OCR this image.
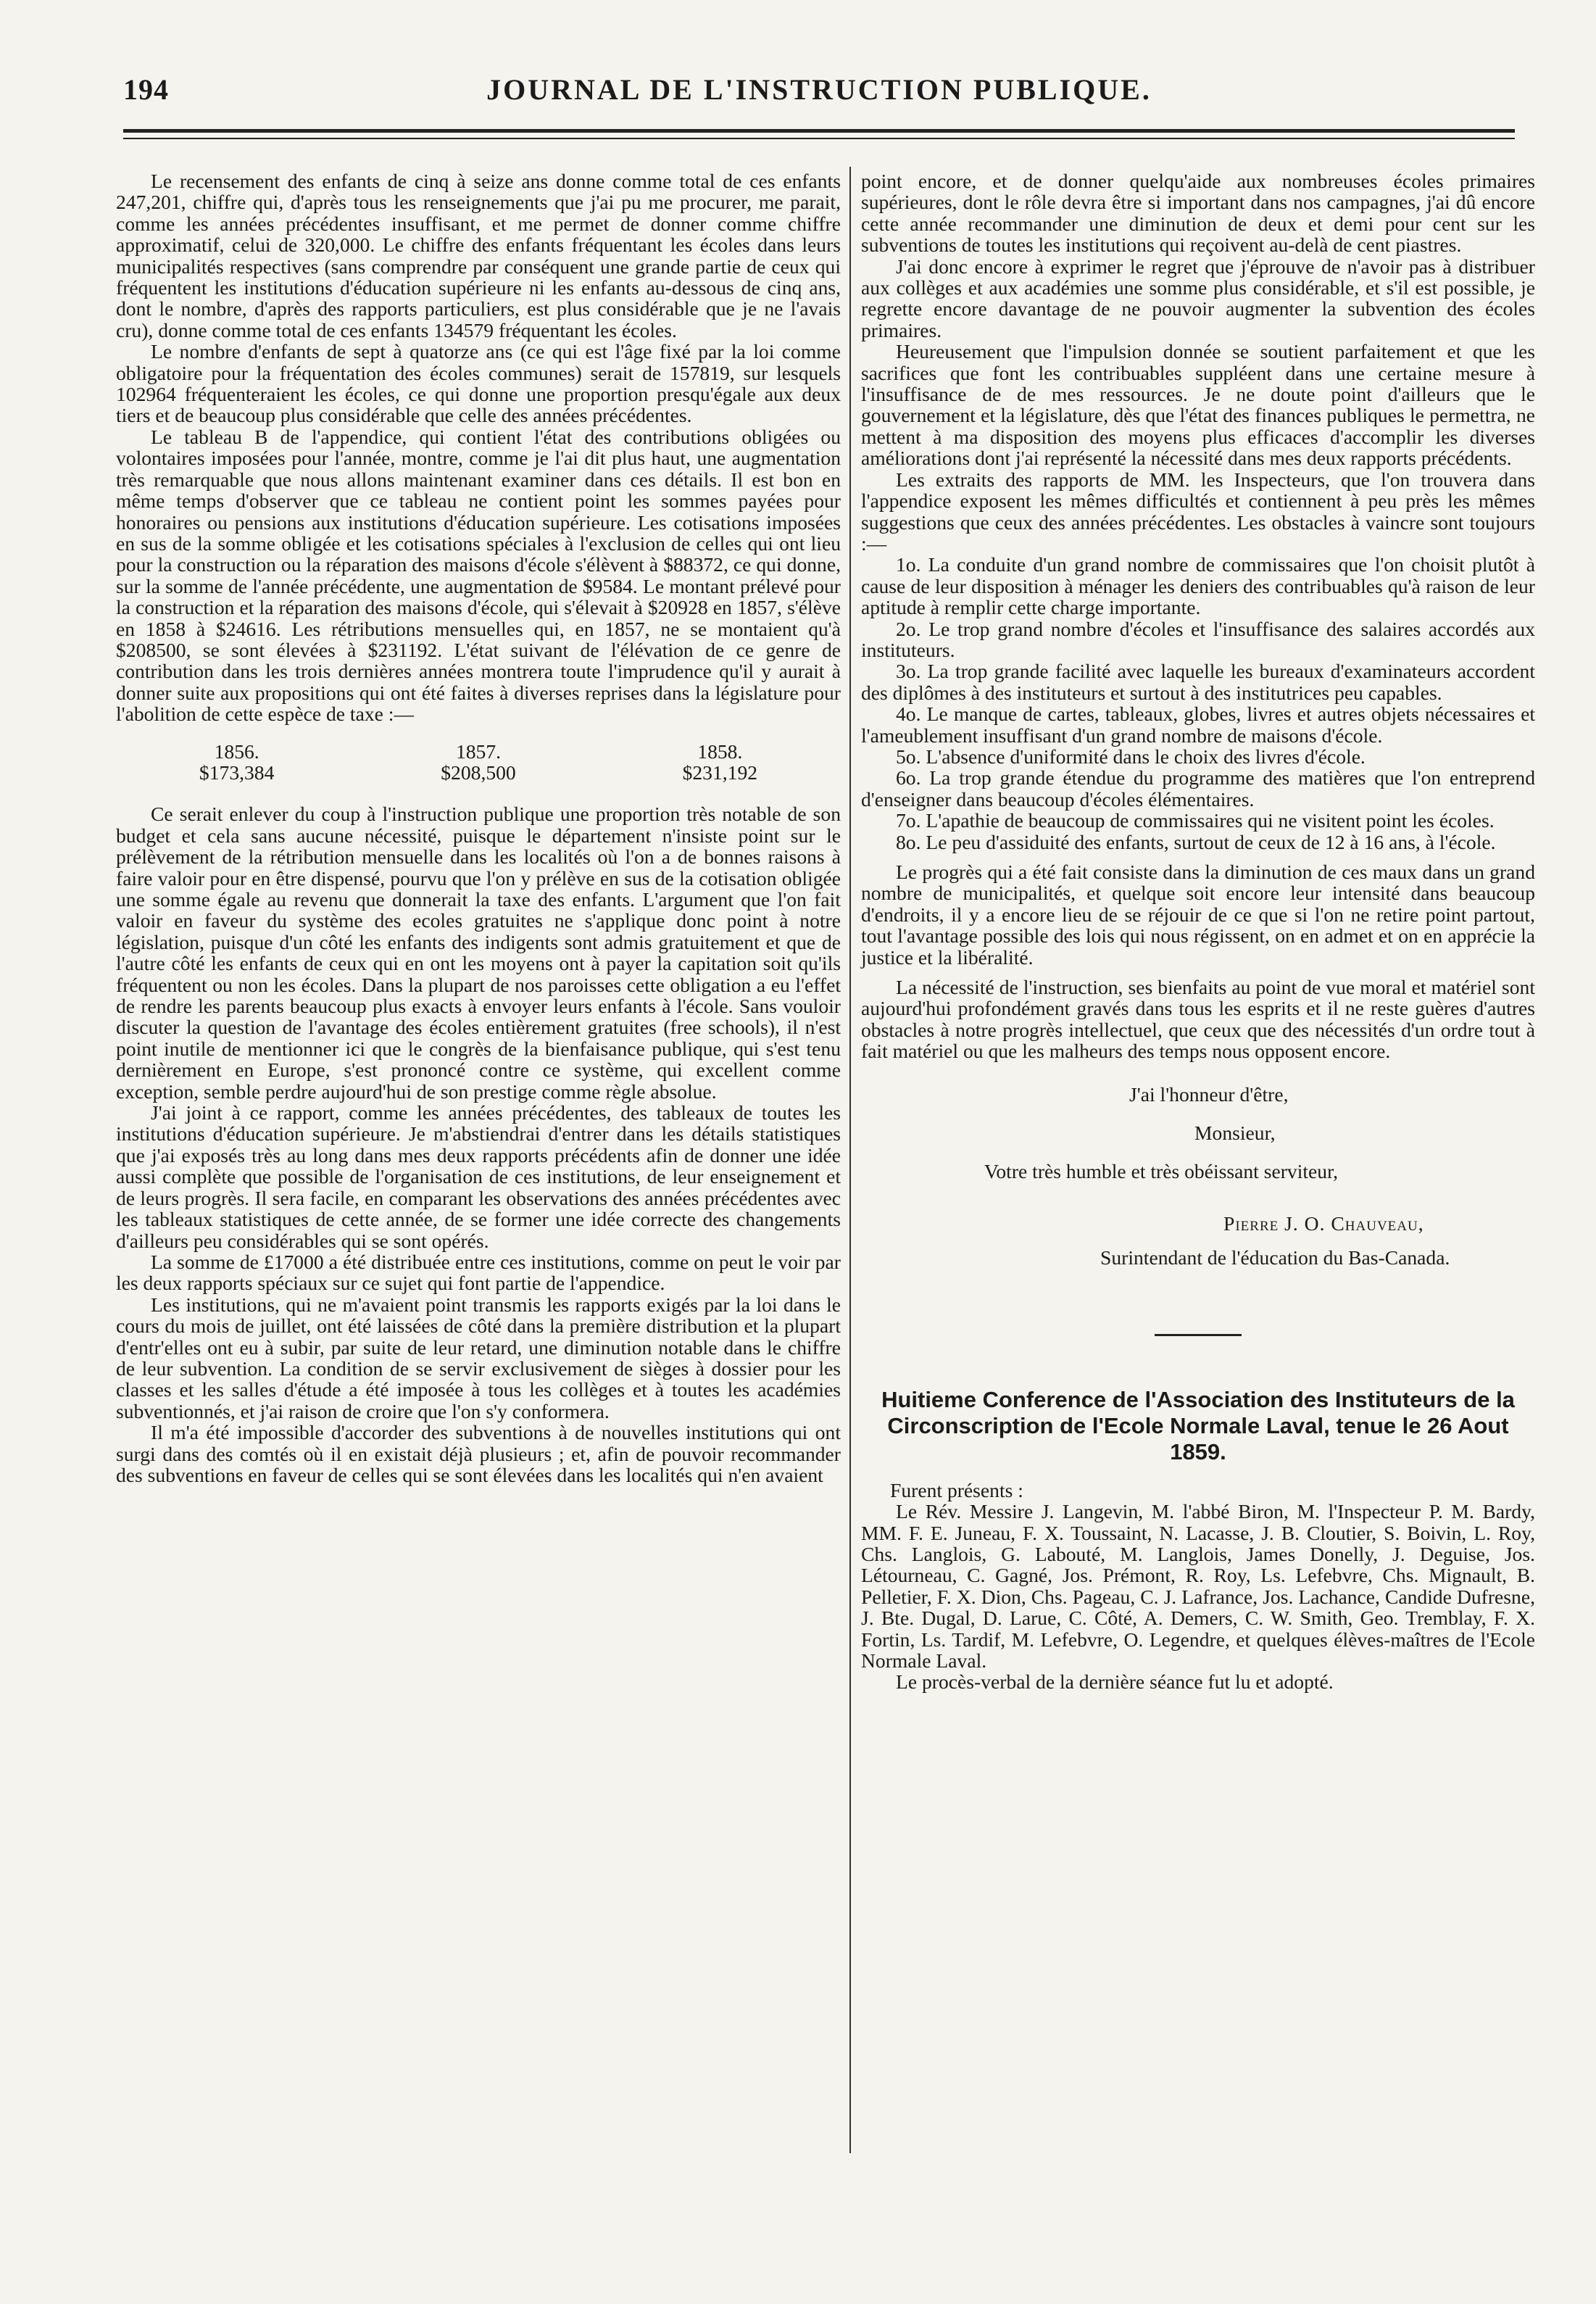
194	JOURNAL DE L'INSTRUCTION PUBLIQUE.

Le recensement des enfants de cinq à seize ans donne comme total de ces enfants 247,201, chiffre qui, d'après tous les renseignements que j'ai pu me procurer, me parait, comme les années précédentes insuffisant, et me permet de donner comme chiffre approximatif, celui de 320,000. Le chiffre des enfants fréquentant les écoles dans leurs municipalités respectives (sans comprendre par conséquent une grande partie de ceux qui fréquentent les institutions d'éducation supérieure ni les enfants au-dessous de cinq ans, dont le nombre, d'après des rapports particuliers, est plus considérable que je ne l'avais cru), donne comme total de ces enfants 134579 fréquentant les écoles.

Le nombre d'enfants de sept à quatorze ans (ce qui est l'âge fixé par la loi comme obligatoire pour la fréquentation des écoles communes) serait de 157819, sur lesquels 102964 fréquenteraient les écoles, ce qui donne une proportion presqu'égale aux deux tiers et de beaucoup plus considérable que celle des années précédentes.

Le tableau B de l'appendice, qui contient l'état des contributions obligées ou volontaires imposées pour l'année, montre, comme je l'ai dit plus haut, une augmentation très remarquable que nous allons maintenant examiner dans ces détails. Il est bon en même temps d'observer que ce tableau ne contient point les sommes payées pour honoraires ou pensions aux institutions d'éducation supérieure. Les cotisations imposées en sus de la somme obligée et les cotisations spéciales à l'exclusion de celles qui ont lieu pour la construction ou la réparation des maisons d'école s'élèvent à $88372, ce qui donne, sur la somme de l'année précédente, une augmentation de $9584. Le montant prélevé pour la construction et la réparation des maisons d'école, qui s'élevait à $20928 en 1857, s'élève en 1858 à $24616. Les rétributions mensuelles qui, en 1857, ne se montaient qu'à $208500, se sont élevées à $231192. L'état suivant de l'élévation de ce genre de contribution dans les trois dernières années montrera toute l'imprudence qu'il y aurait à donner suite aux propositions qui ont été faites à diverses reprises dans la législature pour l'abolition de cette espèce de taxe :—

1856.
$173,384
1857.
$208,500
1858.
$231,192

Ce serait enlever du coup à l'instruction publique une proportion très notable de son budget et cela sans aucune nécessité, puisque le département n'insiste point sur le prélèvement de la rétribution mensuelle dans les localités où l'on a de bonnes raisons à faire valoir pour en être dispensé, pourvu que l'on y prélève en sus de la cotisation obligée une somme égale au revenu que donnerait la taxe des enfants. L'argument que l'on fait valoir en faveur du système des ecoles gratuites ne s'applique donc point à notre législation, puisque d'un côté les enfants des indigents sont admis gratuitement et que de l'autre côté les enfants de ceux qui en ont les moyens ont à payer la capitation soit qu'ils fréquentent ou non les écoles. Dans la plupart de nos paroisses cette obligation a eu l'effet de rendre les parents beaucoup plus exacts à envoyer leurs enfants à l'école. Sans vouloir discuter la question de l'avantage des écoles entièrement gratuites (free schools), il n'est point inutile de mentionner ici que le congrès de la bienfaisance publique, qui s'est tenu dernièrement en Europe, s'est prononcé contre ce système, qui excellent comme exception, semble perdre aujourd'hui de son prestige comme règle absolue.

J'ai joint à ce rapport, comme les années précédentes, des tableaux de toutes les institutions d'éducation supérieure. Je m'abstiendrai d'entrer dans les détails statistiques que j'ai exposés très au long dans mes deux rapports précédents afin de donner une idée aussi complète que possible de l'organisation de ces institutions, de leur enseignement et de leurs progrès. Il sera facile, en comparant les observations des années précédentes avec les tableaux statistiques de cette année, de se former une idée correcte des changements d'ailleurs peu considérables qui se sont opérés.

La somme de £17000 a été distribuée entre ces institutions, comme on peut le voir par les deux rapports spéciaux sur ce sujet qui font partie de l'appendice.

Les institutions, qui ne m'avaient point transmis les rapports exigés par la loi dans le cours du mois de juillet, ont été laissées de côté dans la première distribution et la plupart d'entr'elles ont eu à subir, par suite de leur retard, une diminution notable dans le chiffre de leur subvention. La condition de se servir exclusivement de sièges à dossier pour les classes et les salles d'étude a été imposée à tous les collèges et à toutes les académies subventionnés, et j'ai raison de croire que l'on s'y conformera.

Il m'a été impossible d'accorder des subventions à de nouvelles institutions qui ont surgi dans des comtés où il en existait déjà plusieurs ; et, afin de pouvoir recommander des subventions en faveur de celles qui se sont élevées dans les localités qui n'en avaient

point encore, et de donner quelqu'aide aux nombreuses écoles primaires supérieures, dont le rôle devra être si important dans nos campagnes, j'ai dû encore cette année recommander une diminution de deux et demi pour cent sur les subventions de toutes les institutions qui reçoivent au-delà de cent piastres.

J'ai donc encore à exprimer le regret que j'éprouve de n'avoir pas à distribuer aux collèges et aux académies une somme plus considérable, et s'il est possible, je regrette encore davantage de ne pouvoir augmenter la subvention des écoles primaires.

Heureusement que l'impulsion donnée se soutient parfaitement et que les sacrifices que font les contribuables suppléent dans une certaine mesure à l'insuffisance de de mes ressources. Je ne doute point d'ailleurs que le gouvernement et la législature, dès que l'état des finances publiques le permettra, ne mettent à ma disposition des moyens plus efficaces d'accomplir les diverses améliorations dont j'ai représenté la nécessité dans mes deux rapports précédents.

Les extraits des rapports de MM. les Inspecteurs, que l'on trouvera dans l'appendice exposent les mêmes difficultés et contiennent à peu près les mêmes suggestions que ceux des années précédentes. Les obstacles à vaincre sont toujours :—

1o. La conduite d'un grand nombre de commissaires que l'on choisit plutôt à cause de leur disposition à ménager les deniers des contribuables qu'à raison de leur aptitude à remplir cette charge importante.

2o. Le trop grand nombre d'écoles et l'insuffisance des salaires accordés aux instituteurs.

3o. La trop grande facilité avec laquelle les bureaux d'examinateurs accordent des diplômes à des instituteurs et surtout à des institutrices peu capables.

4o. Le manque de cartes, tableaux, globes, livres et autres objets nécessaires et l'ameublement insuffisant d'un grand nombre de maisons d'école.

5o. L'absence d'uniformité dans le choix des livres d'école.

6o. La trop grande étendue du programme des matières que l'on entreprend d'enseigner dans beaucoup d'écoles élémentaires.

7o. L'apathie de beaucoup de commissaires qui ne visitent point les écoles.

8o. Le peu d'assiduité des enfants, surtout de ceux de 12 à 16 ans, à l'école.

Le progrès qui a été fait consiste dans la diminution de ces maux dans un grand nombre de municipalités, et quelque soit encore leur intensité dans beaucoup d'endroits, il y a encore lieu de se réjouir de ce que si l'on ne retire point partout, tout l'avantage possible des lois qui nous régissent, on en admet et on en apprécie la justice et la libéralité.

La nécessité de l'instruction, ses bienfaits au point de vue moral et matériel sont aujourd'hui profondément gravés dans tous les esprits et il ne reste guères d'autres obstacles à notre progrès intellectuel, que ceux que des nécessités d'un ordre tout à fait matériel ou que les malheurs des temps nous opposent encore.

J'ai l'honneur d'être,

Monsieur,

Votre très humble et très obéissant serviteur,

Pierre J. O. Chauveau,

Surintendant de l'éducation du Bas-Canada.

Huitieme Conference de l'Association des Instituteurs de la Circonscription de l'Ecole Normale Laval, tenue le 26 Aout 1859.

Furent présents :

Le Rév. Messire J. Langevin, M. l'abbé Biron, M. l'Inspecteur P. M. Bardy, MM. F. E. Juneau, F. X. Toussaint, N. Lacasse, J. B. Cloutier, S. Boivin, L. Roy, Chs. Langlois, G. Labouté, M. Langlois, James Donelly, J. Deguise, Jos. Létourneau, C. Gagné, Jos. Prémont, R. Roy, Ls. Lefebvre, Chs. Mignault, B. Pelletier, F. X. Dion, Chs. Pageau, C. J. Lafrance, Jos. Lachance, Candide Dufresne, J. Bte. Dugal, D. Larue, C. Côté, A. Demers, C. W. Smith, Geo. Tremblay, F. X. Fortin, Ls. Tardif, M. Lefebvre, O. Legendre, et quelques élèves-maîtres de l'Ecole Normale Laval.

Le procès-verbal de la dernière séance fut lu et adopté.
